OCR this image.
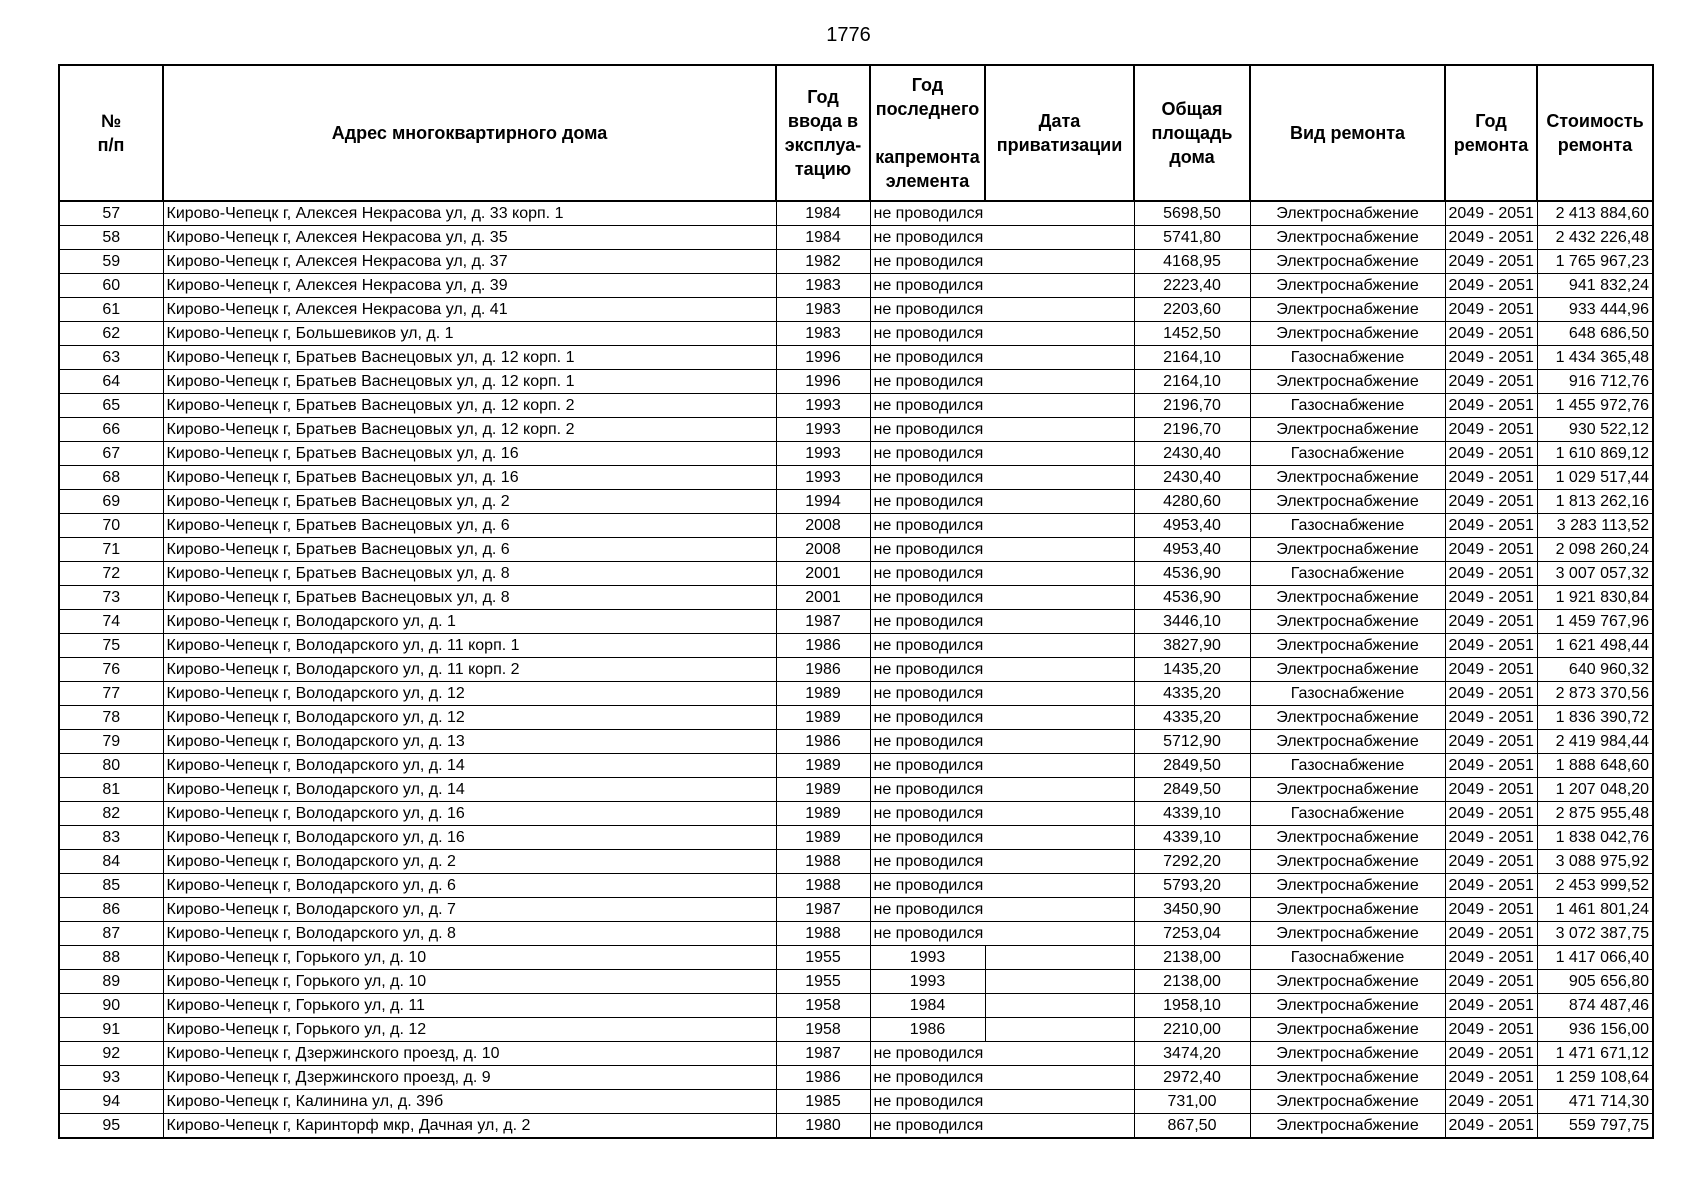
1776
№
п/п	Адрес многоквартирного дома	Год
ввода в
эксплуа-
тацию	Год
последнего

капремонта
элемента	Дата
приватизации	Общая
площадь
дома	Вид ремонта	Год
ремонта	Стоимость
ремонта
57	Кирово-Чепецк г, Алексея Некрасова ул, д. 33 корп. 1	1984	не проводился		5698,50	Электроснабжение	2049 - 2051	2 413 884,60
58	Кирово-Чепецк г, Алексея Некрасова ул, д. 35	1984	не проводился		5741,80	Электроснабжение	2049 - 2051	2 432 226,48
59	Кирово-Чепецк г, Алексея Некрасова ул, д. 37	1982	не проводился		4168,95	Электроснабжение	2049 - 2051	1 765 967,23
60	Кирово-Чепецк г, Алексея Некрасова ул, д. 39	1983	не проводился		2223,40	Электроснабжение	2049 - 2051	941 832,24
61	Кирово-Чепецк г, Алексея Некрасова ул, д. 41	1983	не проводился		2203,60	Электроснабжение	2049 - 2051	933 444,96
62	Кирово-Чепецк г, Большевиков ул, д. 1	1983	не проводился		1452,50	Электроснабжение	2049 - 2051	648 686,50
63	Кирово-Чепецк г, Братьев Васнецовых ул, д. 12 корп. 1	1996	не проводился		2164,10	Газоснабжение	2049 - 2051	1 434 365,48
64	Кирово-Чепецк г, Братьев Васнецовых ул, д. 12 корп. 1	1996	не проводился		2164,10	Электроснабжение	2049 - 2051	916 712,76
65	Кирово-Чепецк г, Братьев Васнецовых ул, д. 12 корп. 2	1993	не проводился		2196,70	Газоснабжение	2049 - 2051	1 455 972,76
66	Кирово-Чепецк г, Братьев Васнецовых ул, д. 12 корп. 2	1993	не проводился		2196,70	Электроснабжение	2049 - 2051	930 522,12
67	Кирово-Чепецк г, Братьев Васнецовых ул, д. 16	1993	не проводился		2430,40	Газоснабжение	2049 - 2051	1 610 869,12
68	Кирово-Чепецк г, Братьев Васнецовых ул, д. 16	1993	не проводился		2430,40	Электроснабжение	2049 - 2051	1 029 517,44
69	Кирово-Чепецк г, Братьев Васнецовых ул, д. 2	1994	не проводился		4280,60	Электроснабжение	2049 - 2051	1 813 262,16
70	Кирово-Чепецк г, Братьев Васнецовых ул, д. 6	2008	не проводился		4953,40	Газоснабжение	2049 - 2051	3 283 113,52
71	Кирово-Чепецк г, Братьев Васнецовых ул, д. 6	2008	не проводился		4953,40	Электроснабжение	2049 - 2051	2 098 260,24
72	Кирово-Чепецк г, Братьев Васнецовых ул, д. 8	2001	не проводился		4536,90	Газоснабжение	2049 - 2051	3 007 057,32
73	Кирово-Чепецк г, Братьев Васнецовых ул, д. 8	2001	не проводился		4536,90	Электроснабжение	2049 - 2051	1 921 830,84
74	Кирово-Чепецк г, Володарского ул, д. 1	1987	не проводился		3446,10	Электроснабжение	2049 - 2051	1 459 767,96
75	Кирово-Чепецк г, Володарского ул, д. 11 корп. 1	1986	не проводился		3827,90	Электроснабжение	2049 - 2051	1 621 498,44
76	Кирово-Чепецк г, Володарского ул, д. 11 корп. 2	1986	не проводился		1435,20	Электроснабжение	2049 - 2051	640 960,32
77	Кирово-Чепецк г, Володарского ул, д. 12	1989	не проводился		4335,20	Газоснабжение	2049 - 2051	2 873 370,56
78	Кирово-Чепецк г, Володарского ул, д. 12	1989	не проводился		4335,20	Электроснабжение	2049 - 2051	1 836 390,72
79	Кирово-Чепецк г, Володарского ул, д. 13	1986	не проводился		5712,90	Электроснабжение	2049 - 2051	2 419 984,44
80	Кирово-Чепецк г, Володарского ул, д. 14	1989	не проводился		2849,50	Газоснабжение	2049 - 2051	1 888 648,60
81	Кирово-Чепецк г, Володарского ул, д. 14	1989	не проводился		2849,50	Электроснабжение	2049 - 2051	1 207 048,20
82	Кирово-Чепецк г, Володарского ул, д. 16	1989	не проводился		4339,10	Газоснабжение	2049 - 2051	2 875 955,48
83	Кирово-Чепецк г, Володарского ул, д. 16	1989	не проводился		4339,10	Электроснабжение	2049 - 2051	1 838 042,76
84	Кирово-Чепецк г, Володарского ул, д. 2	1988	не проводился		7292,20	Электроснабжение	2049 - 2051	3 088 975,92
85	Кирово-Чепецк г, Володарского ул, д. 6	1988	не проводился		5793,20	Электроснабжение	2049 - 2051	2 453 999,52
86	Кирово-Чепецк г, Володарского ул, д. 7	1987	не проводился		3450,90	Электроснабжение	2049 - 2051	1 461 801,24
87	Кирово-Чепецк г, Володарского ул, д. 8	1988	не проводился		7253,04	Электроснабжение	2049 - 2051	3 072 387,75
88	Кирово-Чепецк г, Горького ул, д. 10	1955	1993		2138,00	Газоснабжение	2049 - 2051	1 417 066,40
89	Кирово-Чепецк г, Горького ул, д. 10	1955	1993		2138,00	Электроснабжение	2049 - 2051	905 656,80
90	Кирово-Чепецк г, Горького ул, д. 11	1958	1984		1958,10	Электроснабжение	2049 - 2051	874 487,46
91	Кирово-Чепецк г, Горького ул, д. 12	1958	1986		2210,00	Электроснабжение	2049 - 2051	936 156,00
92	Кирово-Чепецк г, Дзержинского проезд, д. 10	1987	не проводился		3474,20	Электроснабжение	2049 - 2051	1 471 671,12
93	Кирово-Чепецк г, Дзержинского проезд, д. 9	1986	не проводился		2972,40	Электроснабжение	2049 - 2051	1 259 108,64
94	Кирово-Чепецк г, Калинина ул, д. 39б	1985	не проводился		731,00	Электроснабжение	2049 - 2051	471 714,30
95	Кирово-Чепецк г, Каринторф мкр, Дачная ул, д. 2	1980	не проводился		867,50	Электроснабжение	2049 - 2051	559 797,75
